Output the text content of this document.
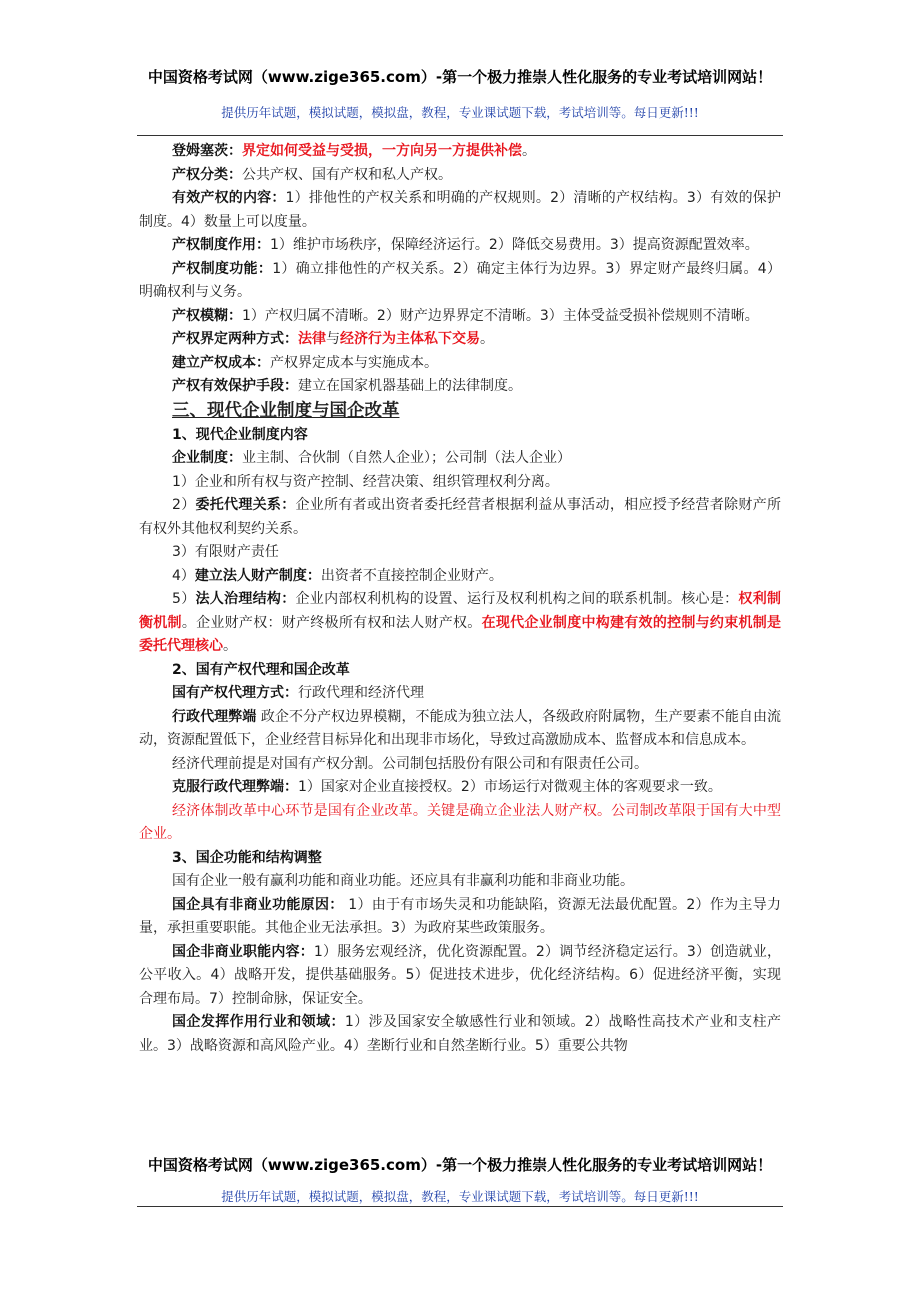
中国资格考试网（www.zige365.com）-第一个极力推崇人性化服务的专业考试培训网站！
提供历年试题，模拟试题，模拟盘，教程，专业课试题下载，考试培训等。每日更新!!!

登姆塞茨：界定如何受益与受损，一方向另一方提供补偿。

产权分类：公共产权、国有产权和私人产权。

有效产权的内容：1）排他性的产权关系和明确的产权规则。2）清晰的产权结构。3）有效的保护制度。4）数量上可以度量。

产权制度作用：1）维护市场秩序，保障经济运行。2）降低交易费用。3）提高资源配置效率。

产权制度功能：1）确立排他性的产权关系。2）确定主体行为边界。3）界定财产最终归属。4）明确权利与义务。

产权模糊：1）产权归属不清晰。2）财产边界界定不清晰。3）主体受益受损补偿规则不清晰。

产权界定两种方式：法律与经济行为主体私下交易。

建立产权成本：产权界定成本与实施成本。

产权有效保护手段：建立在国家机器基础上的法律制度。

三、现代企业制度与国企改革

1、现代企业制度内容

企业制度：业主制、合伙制（自然人企业）；公司制（法人企业）

1）企业和所有权与资产控制、经营决策、组织管理权利分离。

2）委托代理关系：企业所有者或出资者委托经营者根据利益从事活动，相应授予经营者除财产所有权外其他权利契约关系。

3）有限财产责任

4）建立法人财产制度：出资者不直接控制企业财产。

5）法人治理结构：企业内部权利机构的设置、运行及权利机构之间的联系机制。核心是：权利制衡机制。企业财产权：财产终极所有权和法人财产权。在现代企业制度中构建有效的控制与约束机制是委托代理核心。

2、国有产权代理和国企改革

国有产权代理方式：行政代理和经济代理

行政代理弊端 政企不分产权边界模糊，不能成为独立法人，各级政府附属物，生产要素不能自由流动，资源配置低下，企业经营目标异化和出现非市场化，导致过高激励成本、监督成本和信息成本。

经济代理前提是对国有产权分割。公司制包括股份有限公司和有限责任公司。

克服行政代理弊端：1）国家对企业直接授权。2）市场运行对微观主体的客观要求一致。

经济体制改革中心环节是国有企业改革。关键是确立企业法人财产权。公司制改革限于国有大中型企业。

3、国企功能和结构调整

国有企业一般有赢利功能和商业功能。还应具有非赢利功能和非商业功能。

国企具有非商业功能原因： 1）由于有市场失灵和功能缺陷，资源无法最优配置。2）作为主导力量，承担重要职能。其他企业无法承担。3）为政府某些政策服务。

国企非商业职能内容：1）服务宏观经济，优化资源配置。2）调节经济稳定运行。3）创造就业，公平收入。4）战略开发，提供基础服务。5）促进技术进步，优化经济结构。6）促进经济平衡，实现合理布局。7）控制命脉，保证安全。

国企发挥作用行业和领域：1）涉及国家安全敏感性行业和领域。2）战略性高技术产业和支柱产业。3）战略资源和高风险产业。4）垄断行业和自然垄断行业。5）重要公共物

中国资格考试网（www.zige365.com）-第一个极力推崇人性化服务的专业考试培训网站！
提供历年试题，模拟试题，模拟盘，教程，专业课试题下载，考试培训等。每日更新!!!
